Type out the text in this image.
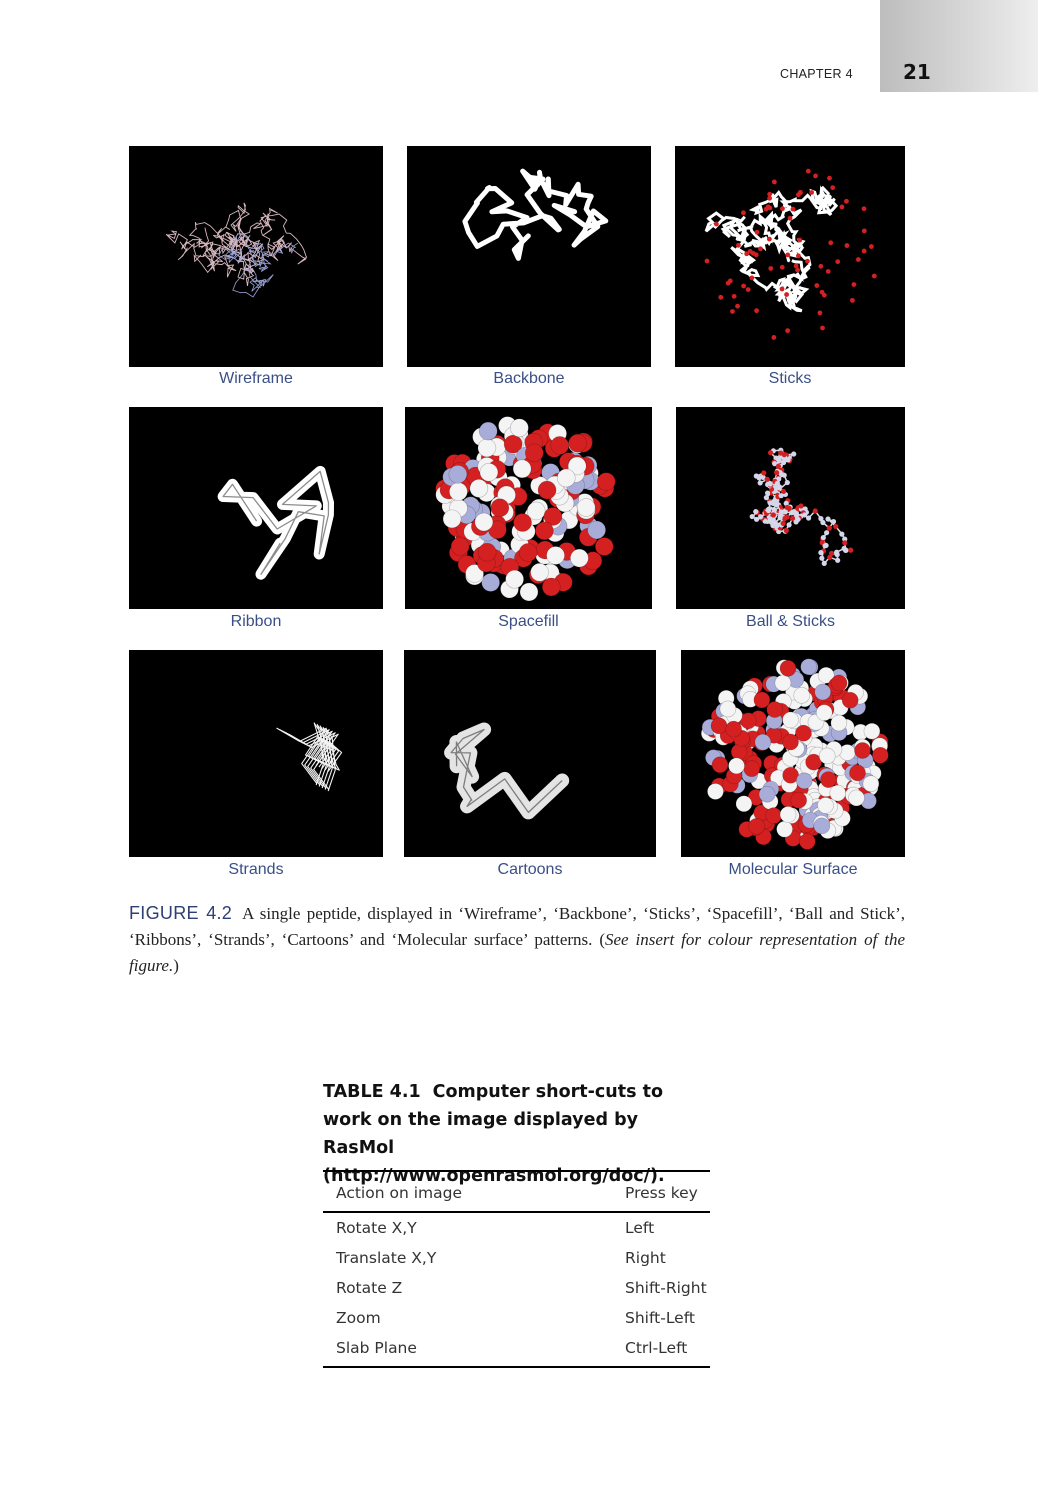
CHAPTER 4	21
Wireframe	Backbone	Sticks
Ribbon	Spacefill	Ball & Sticks
Strands	Cartoons	Molecular Surface
FIGURE 4.2 A single peptide, displayed in ‘Wireframe’, ‘Backbone’, ‘Sticks’, ‘Spacefill’, ‘Ball and Stick’, ‘Ribbons’, ‘Strands’, ‘Cartoons’ and ‘Molecular surface’ patterns. (See insert for colour representation of the figure.)
TABLE 4.1 Computer short-cuts to work on the image displayed by RasMol (http://www.openrasmol.org/doc/).
Action on image	Press key
Rotate X,Y	Left
Translate X,Y	Right
Rotate Z	Shift-Right
Zoom	Shift-Left
Slab Plane	Ctrl-Left
